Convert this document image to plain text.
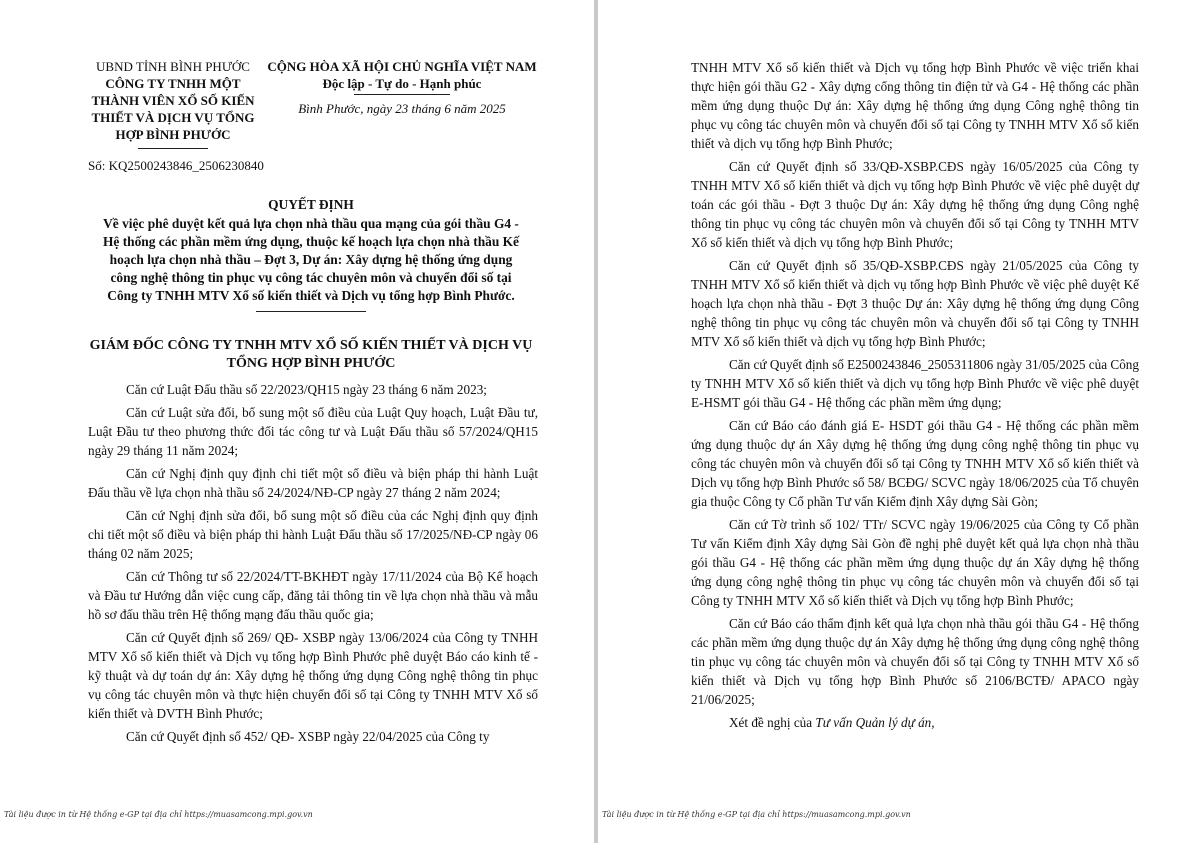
UBND TỈNH BÌNH PHƯỚC
CÔNG TY TNHH MỘT
THÀNH VIÊN XỔ SỐ KIẾN
THIẾT VÀ DỊCH VỤ TỔNG
HỢP BÌNH PHƯỚC
CỘNG HÒA XÃ HỘI CHỦ NGHĨA VIỆT NAM
Độc lập - Tự do - Hạnh phúc
Bình Phước, ngày 23 tháng 6 năm 2025
Số: KQ2500243846_2506230840
QUYẾT ĐỊNH
Về việc phê duyệt kết quả lựa chọn nhà thầu qua mạng của gói thầu G4 -
Hệ thống các phần mềm ứng dụng, thuộc kế hoạch lựa chọn nhà thầu Kế
hoạch lựa chọn nhà thầu – Đợt 3, Dự án: Xây dựng hệ thống ứng dụng
công nghệ thông tin phục vụ công tác chuyên môn và chuyển đổi số tại
Công ty TNHH MTV Xổ số kiến thiết và Dịch vụ tổng hợp Bình Phước.
GIÁM ĐỐC CÔNG TY TNHH MTV XỔ SỐ KIẾN THIẾT VÀ DỊCH VỤ
TỔNG HỢP BÌNH PHƯỚC

Căn cứ Luật Đấu thầu số 22/2023/QH15 ngày 23 tháng 6 năm 2023;

Căn cứ Luật sửa đổi, bổ sung một số điều của Luật Quy hoạch, Luật Đầu tư, Luật Đầu tư theo phương thức đối tác công tư và Luật Đấu thầu số 57/2024/QH15 ngày 29 tháng 11 năm 2024;

Căn cứ Nghị định quy định chi tiết một số điều và biện pháp thi hành Luật Đấu thầu về lựa chọn nhà thầu số 24/2024/NĐ-CP ngày 27 tháng 2 năm 2024;

Căn cứ Nghị định sửa đổi, bổ sung một số điều của các Nghị định quy định chi tiết một số điều và biện pháp thi hành Luật Đấu thầu số 17/2025/NĐ-CP ngày 06 tháng 02 năm 2025;

Căn cứ Thông tư số 22/2024/TT-BKHĐT ngày 17/11/2024 của Bộ Kế hoạch và Đầu tư Hướng dẫn việc cung cấp, đăng tải thông tin về lựa chọn nhà thầu và mẫu hồ sơ đấu thầu trên Hệ thống mạng đấu thầu quốc gia;

Căn cứ Quyết định số 269/ QĐ- XSBP ngày 13/06/2024 của Công ty TNHH MTV Xổ số kiến thiết và Dịch vụ tổng hợp Bình Phước phê duyệt Báo cáo kinh tế - kỹ thuật và dự toán dự án: Xây dựng hệ thống ứng dụng Công nghệ thông tin phục vụ công tác chuyên môn và thực hiện chuyển đổi số tại Công ty TNHH MTV Xổ số kiến thiết và DVTH Bình Phước;

Căn cứ Quyết định số 452/ QĐ- XSBP ngày 22/04/2025 của Công ty

Tài liệu được in từ Hệ thống e-GP tại địa chỉ https://muasamcong.mpi.gov.vn

TNHH MTV Xổ số kiến thiết và Dịch vụ tổng hợp Bình Phước về việc triển khai thực hiện gói thầu G2 - Xây dựng cổng thông tin điện tử và G4 - Hệ thống các phần mềm ứng dụng thuộc Dự án: Xây dựng hệ thống ứng dụng Công nghệ thông tin phục vụ công tác chuyên môn và chuyển đổi số tại Công ty TNHH MTV Xổ số kiến thiết và dịch vụ tổng hợp Bình Phước;

Căn cứ Quyết định số 33/QĐ-XSBP.CĐS ngày 16/05/2025 của Công ty TNHH MTV Xổ số kiến thiết và dịch vụ tổng hợp Bình Phước về việc phê duyệt dự toán các gói thầu - Đợt 3 thuộc Dự án: Xây dựng hệ thống ứng dụng Công nghệ thông tin phục vụ công tác chuyên môn và chuyển đổi số tại Công ty TNHH MTV Xổ số kiến thiết và dịch vụ tổng hợp Bình Phước;

Căn cứ Quyết định số 35/QĐ-XSBP.CĐS ngày 21/05/2025 của Công ty TNHH MTV Xổ số kiến thiết và dịch vụ tổng hợp Bình Phước về việc phê duyệt Kế hoạch lựa chọn nhà thầu - Đợt 3 thuộc Dự án: Xây dựng hệ thống ứng dụng Công nghệ thông tin phục vụ công tác chuyên môn và chuyển đổi số tại Công ty TNHH MTV Xổ số kiến thiết và dịch vụ tổng hợp Bình Phước;

Căn cứ Quyết định số E2500243846_2505311806 ngày 31/05/2025 của Công ty TNHH MTV Xổ số kiến thiết và dịch vụ tổng hợp Bình Phước về việc phê duyệt E-HSMT gói thầu G4 - Hệ thống các phần mềm ứng dụng;

Căn cứ Báo cáo đánh giá E- HSDT gói thầu G4 - Hệ thống các phần mềm ứng dụng thuộc dự án Xây dựng hệ thống ứng dụng công nghệ thông tin phục vụ công tác chuyên môn và chuyển đổi số tại Công ty TNHH MTV Xổ số kiến thiết và Dịch vụ tổng hợp Bình Phước số 58/ BCĐG/ SCVC ngày 18/06/2025 của Tổ chuyên gia thuộc Công ty Cổ phần Tư vấn Kiểm định Xây dựng Sài Gòn;

Căn cứ Tờ trình số 102/ TTr/ SCVC ngày 19/06/2025 của Công ty Cổ phần Tư vấn Kiểm định Xây dựng Sài Gòn đề nghị phê duyệt kết quả lựa chọn nhà thầu gói thầu G4 - Hệ thống các phần mềm ứng dụng thuộc dự án Xây dựng hệ thống ứng dụng công nghệ thông tin phục vụ công tác chuyên môn và chuyển đổi số tại Công ty TNHH MTV Xổ số kiến thiết và Dịch vụ tổng hợp Bình Phước;

Căn cứ Báo cáo thẩm định kết quả lựa chọn nhà thầu gói thầu G4 - Hệ thống các phần mềm ứng dụng thuộc dự án Xây dựng hệ thống ứng dụng công nghệ thông tin phục vụ công tác chuyên môn và chuyển đổi số tại Công ty TNHH MTV Xổ số kiến thiết và Dịch vụ tổng hợp Bình Phước số 2106/BCTĐ/ APACO ngày 21/06/2025;

Xét đề nghị của Tư vấn Quản lý dự án,

Tài liệu được in từ Hệ thống e-GP tại địa chỉ https://muasamcong.mpi.gov.vn
